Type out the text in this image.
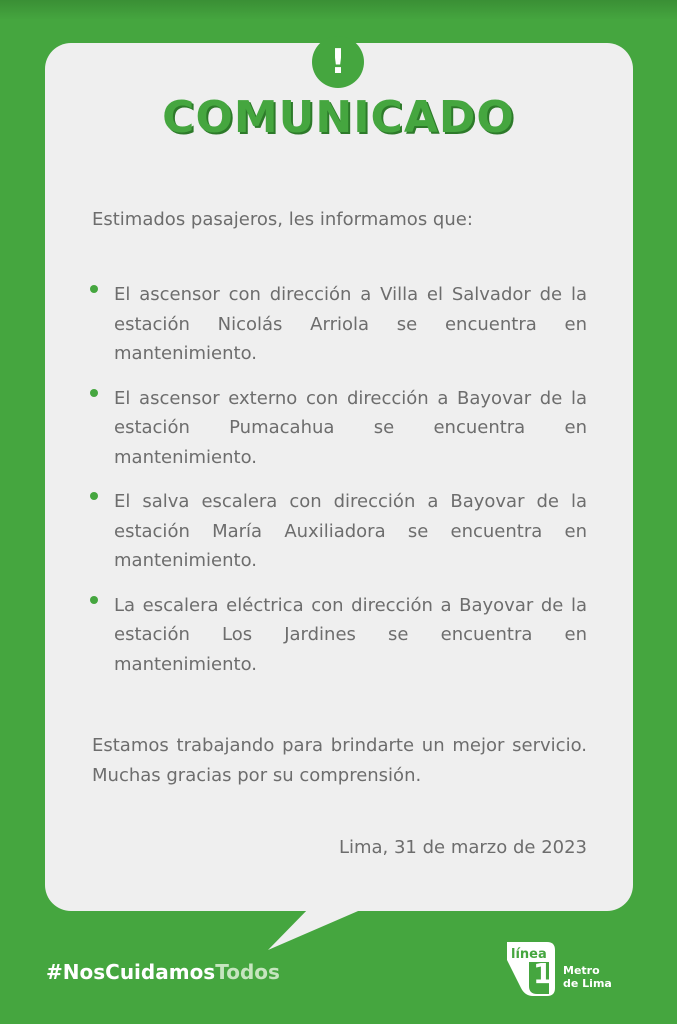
!
COMUNICADO
Estimados pasajeros, les informamos que:
El ascensor con dirección a Villa el Salvador de la estación Nicolás Arriola se encuentra en mantenimiento.
El ascensor externo con dirección a Bayovar de la estación Pumacahua se encuentra en mantenimiento.
El salva escalera con dirección a Bayovar de la estación María Auxiliadora se encuentra en mantenimiento.
La escalera eléctrica con dirección a Bayovar de la estación Los Jardines se encuentra en mantenimiento.
Estamos trabajando para brindarte un mejor servicio. Muchas gracias por su comprensión.
Lima, 31 de marzo de 2023
#NosCuidamosTodos
línea
1 Metro
de Lima
